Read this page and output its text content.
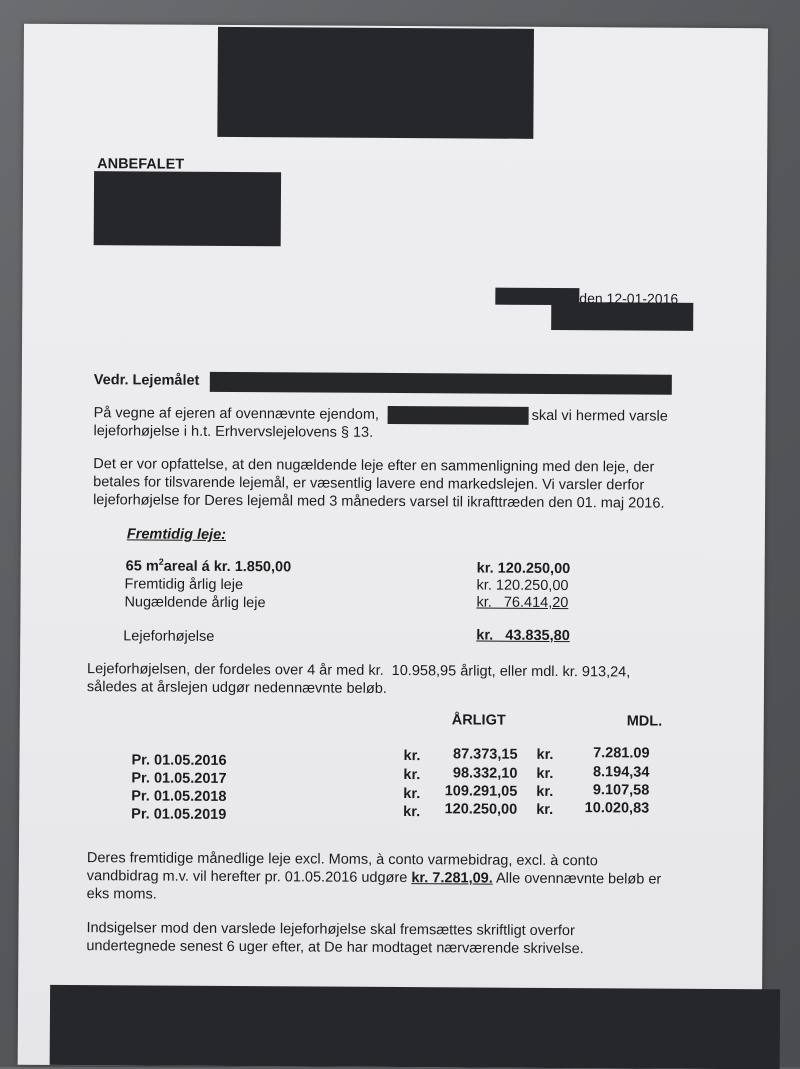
ANBEFALET
den 12-01-2016
Vedr. Lejemålet
På vegne af ejeren af ovennævnte ejendom,	skal vi hermed varsle
lejeforhøjelse i h.t. Erhvervslejelovens § 13.
Det er vor opfattelse, at den nugældende leje efter en sammenligning med den leje, der
betales for tilsvarende lejemål, er væsentlig lavere end markedslejen. Vi varsler derfor
lejeforhøjelse for Deres lejemål med 3 måneders varsel til ikrafttræden den 01. maj 2016.
Fremtidig leje:
65 $m^2areal$ á kr. 1.850,00	kr. 120.250,00
Fremtidig årlig leje	kr. 120.250,00
Nugældende årlig leje	kr.   76.414,20
Lejeforhøjelse	kr.   43.835,80
Lejeforhøjelsen, der fordeles over 4 år med kr.  10.958,95 årligt, eller mdl. kr. 913,24,
således at årslejen udgør nedennævnte beløb.
ÅRLIGT	MDL.
Pr. 01.05.2016	kr.	87.373,15 kr.	7.281.09
Pr. 01.05.2017	kr.	98.332,10 kr.	8.194,34
Pr. 01.05.2018	kr.	109.291,05 kr.	9.107,58
Pr. 01.05.2019	kr.	120.250,00 kr.	10.020,83
Deres fremtidige månedlige leje excl. Moms, à conto varmebidrag, excl. à conto
vandbidrag m.v. vil herefter pr. 01.05.2016 udgøre kr. 7.281,09. Alle ovennævnte beløb er
eks moms.
Indsigelser mod den varslede lejeforhøjelse skal fremsættes skriftligt overfor
undertegnede senest 6 uger efter, at De har modtaget nærværende skrivelse.
